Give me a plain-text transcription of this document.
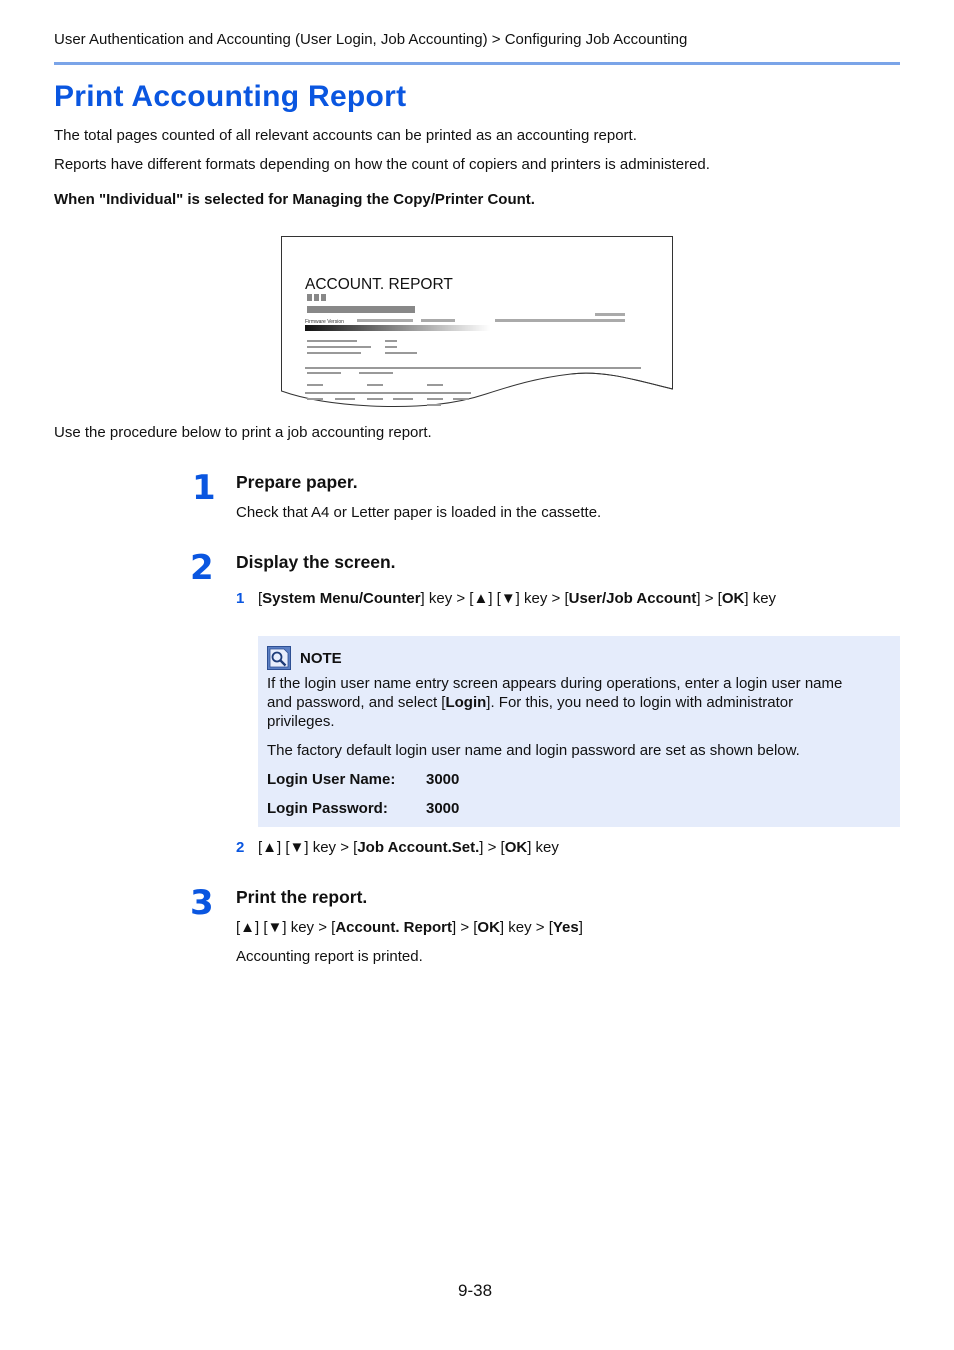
User Authentication and Accounting (User Login, Job Accounting) > Configuring Job Accounting
Print Accounting Report
The total pages counted of all relevant accounts can be printed as an accounting report.
Reports have different formats depending on how the count of copiers and printers is administered.
When "Individual" is selected for Managing the Copy/Printer Count.
ACCOUNT. REPORT
Firmware Version
Use the procedure below to print a job accounting report.
1 Prepare paper.
Check that A4 or Letter paper is loaded in the cassette.
2 Display the screen.
1 [System Menu/Counter] key > [▲] [▼] key > [User/Job Account] > [OK] key
NOTE
If the login user name entry screen appears during operations, enter a login user name
and password, and select [Login]. For this, you need to login with administrator
privileges.
The factory default login user name and login password are set as shown below.
Login User Name: 3000
Login Password:	3000
2 [▲] [▼] key > [Job Account.Set.] > [OK] key
3 Print the report.
[▲] [▼] key > [Account. Report] > [OK] key > [Yes]
Accounting report is printed.
9-38
